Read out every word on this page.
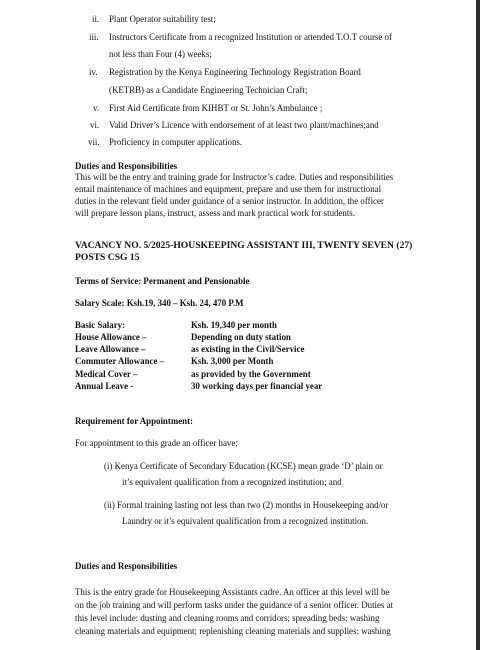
ii. Plant Operator suitability test;
iii. Instructors Certificate from a recognized Institution or attended T.O.T course of
not less than Four (4) weeks;
iv. Registration by the Kenya Engineering Technology Registration Board
(KETRB) as a Candidate Engineering Technician Craft;
v. First Aid Certificate from KIHBT or St. John’s Ambulance ;
vi. Valid Driver’s Licence with endorsement of at least two plant/machines;and
vii. Proficiency in computer applications.
Duties and Responsibilities
This will be the entry and training grade for Instructor’s cadre. Duties and responsibilities
entail maintenance of machines and equipment, prepare and use them for instructional
duties in the relevant field under guidance of a senior instructor. In addition, the officer
will prepare lesson plans, instruct, assess and mark practical work for students.
VACANCY NO. 5/2025-HOUSKEEPING ASSISTANT III, TWENTY SEVEN (27)
POSTS CSG 15
Terms of Service: Permanent and Pensionable
Salary Scale: Ksh.19, 340 – Ksh. 24, 470 P.M
Basic Salary:	Ksh. 19,340 per month
House Allowance –	Depending on duty station
Leave Allowance –	as existing in the Civil/Service
Commuter Allowance –	Ksh. 3,000 per Month
Medical Cover –	as provided by the Government
Annual Leave -	30 working days per financial year
Requirement for Appointment:
For appointment to this grade an officer have;
(i) Kenya Certificate of Secondary Education (KCSE) mean grade ‘D’ plain or
it’s equivalent qualification from a recognized institution; and
(ii) Formal training lasting not less than two (2) months in Housekeeping and/or
Laundry or it’s equivalent qualification from a recognized institution.
Duties and Responsibilities
This is the entry grade for Housekeeping Assistants cadre. An officer at this level will be
on the job training and will perform tasks under the guidance of a senior officer. Duties at
this level include: dusting and cleaning rooms and corridors; spreading beds; washing
cleaning materials and equipment; replenishing cleaning materials and supplies: washing
